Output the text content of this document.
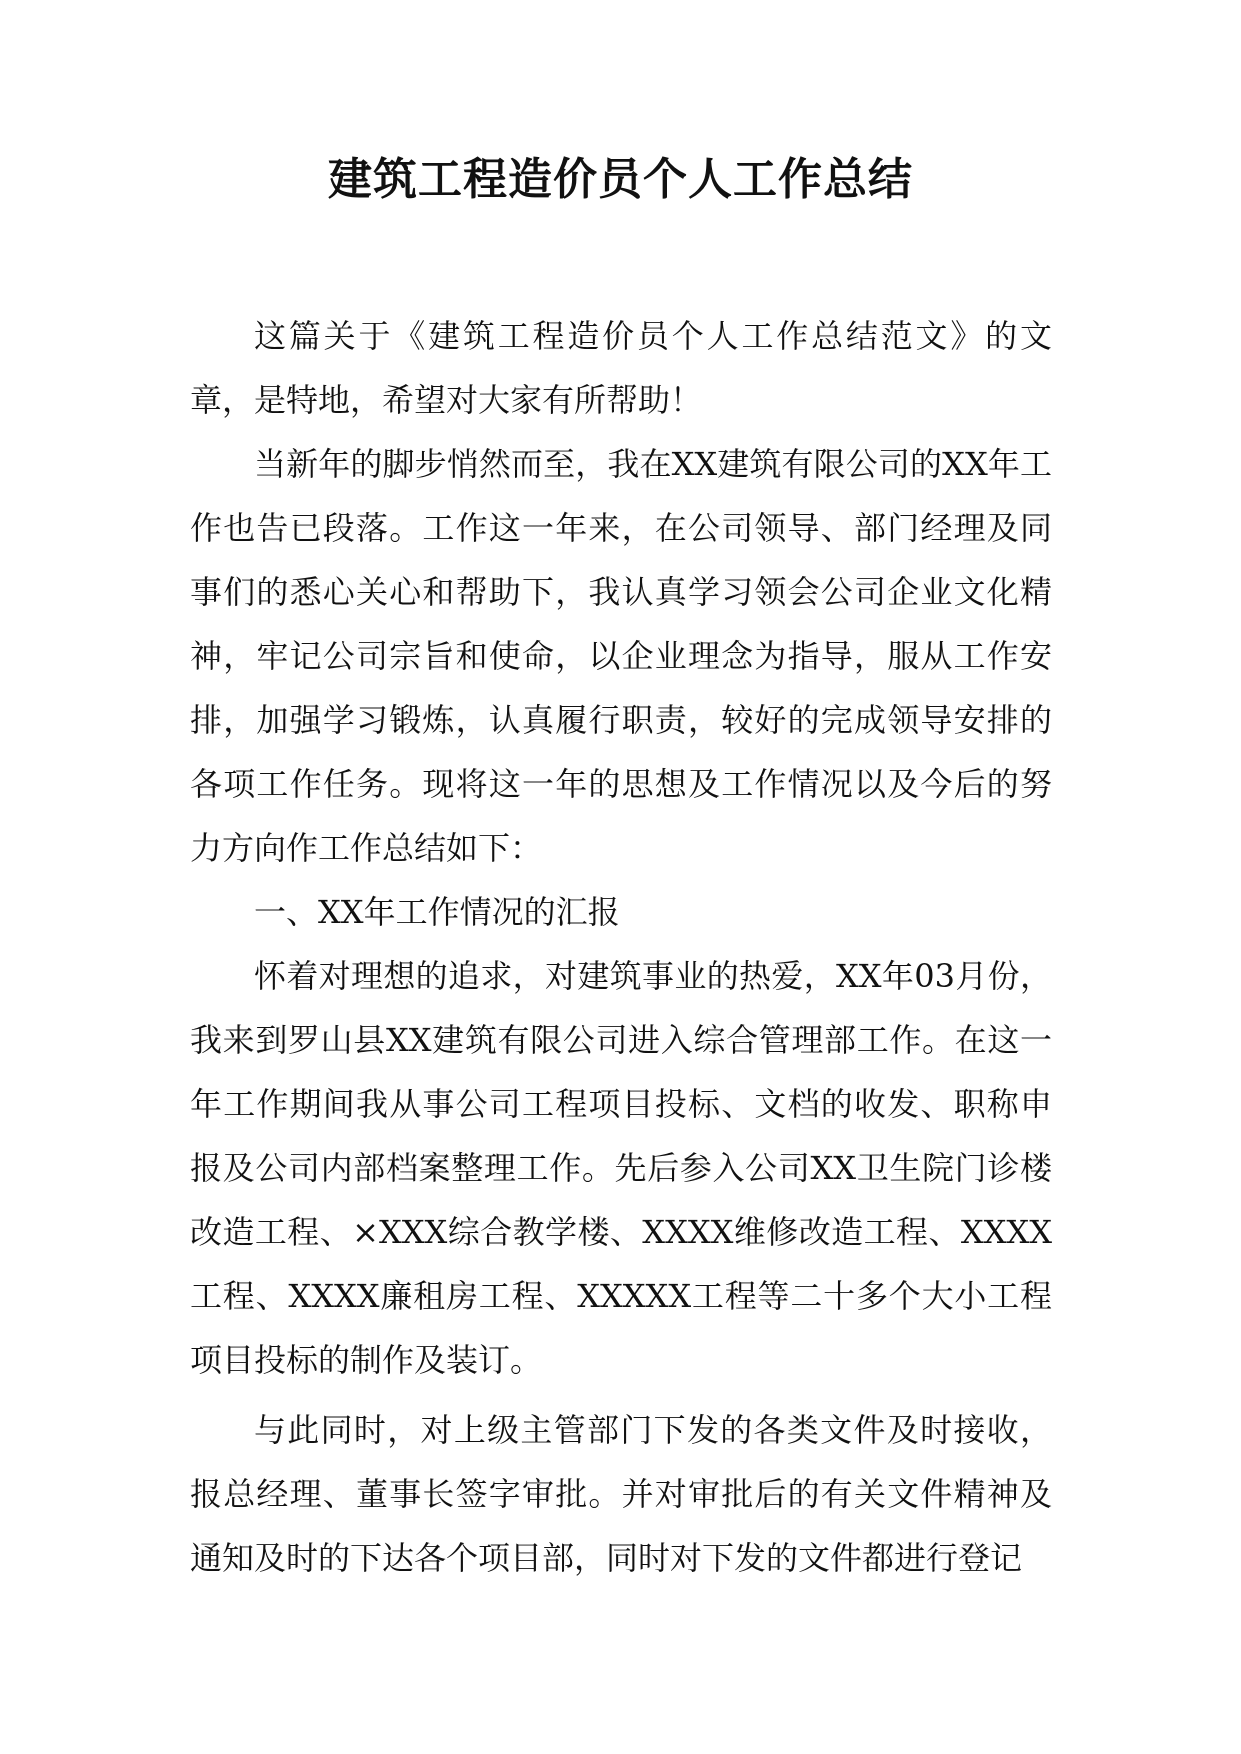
建筑工程造价员个人工作总结

这篇关于《建筑工程造价员个人工作总结范文》的文章，是特地，希望对大家有所帮助！

当新年的脚步悄然而至，我在XX建筑有限公司的XX年工作也告已段落。工作这一年来，在公司领导、部门经理及同事们的悉心关心和帮助下，我认真学习领会公司企业文化精神，牢记公司宗旨和使命，以企业理念为指导，服从工作安排，加强学习锻炼，认真履行职责，较好的完成领导安排的各项工作任务。现将这一年的思想及工作情况以及今后的努力方向作工作总结如下：

一、XX年工作情况的汇报

怀着对理想的追求，对建筑事业的热爱，XX年03月份，我来到罗山县XX建筑有限公司进入综合管理部工作。在这一年工作期间我从事公司工程项目投标、文档的收发、职称申报及公司内部档案整理工作。先后参入公司XX卫生院门诊楼改造工程、×XXX综合教学楼、XXXX维修改造工程、XXXX工程、XXXX廉租房工程、XXXXX工程等二十多个大小工程项目投标的制作及装订。

与此同时，对上级主管部门下发的各类文件及时接收，报总经理、董事长签字审批。并对审批后的有关文件精神及通知及时的下达各个项目部，同时对下发的文件都进行登记
